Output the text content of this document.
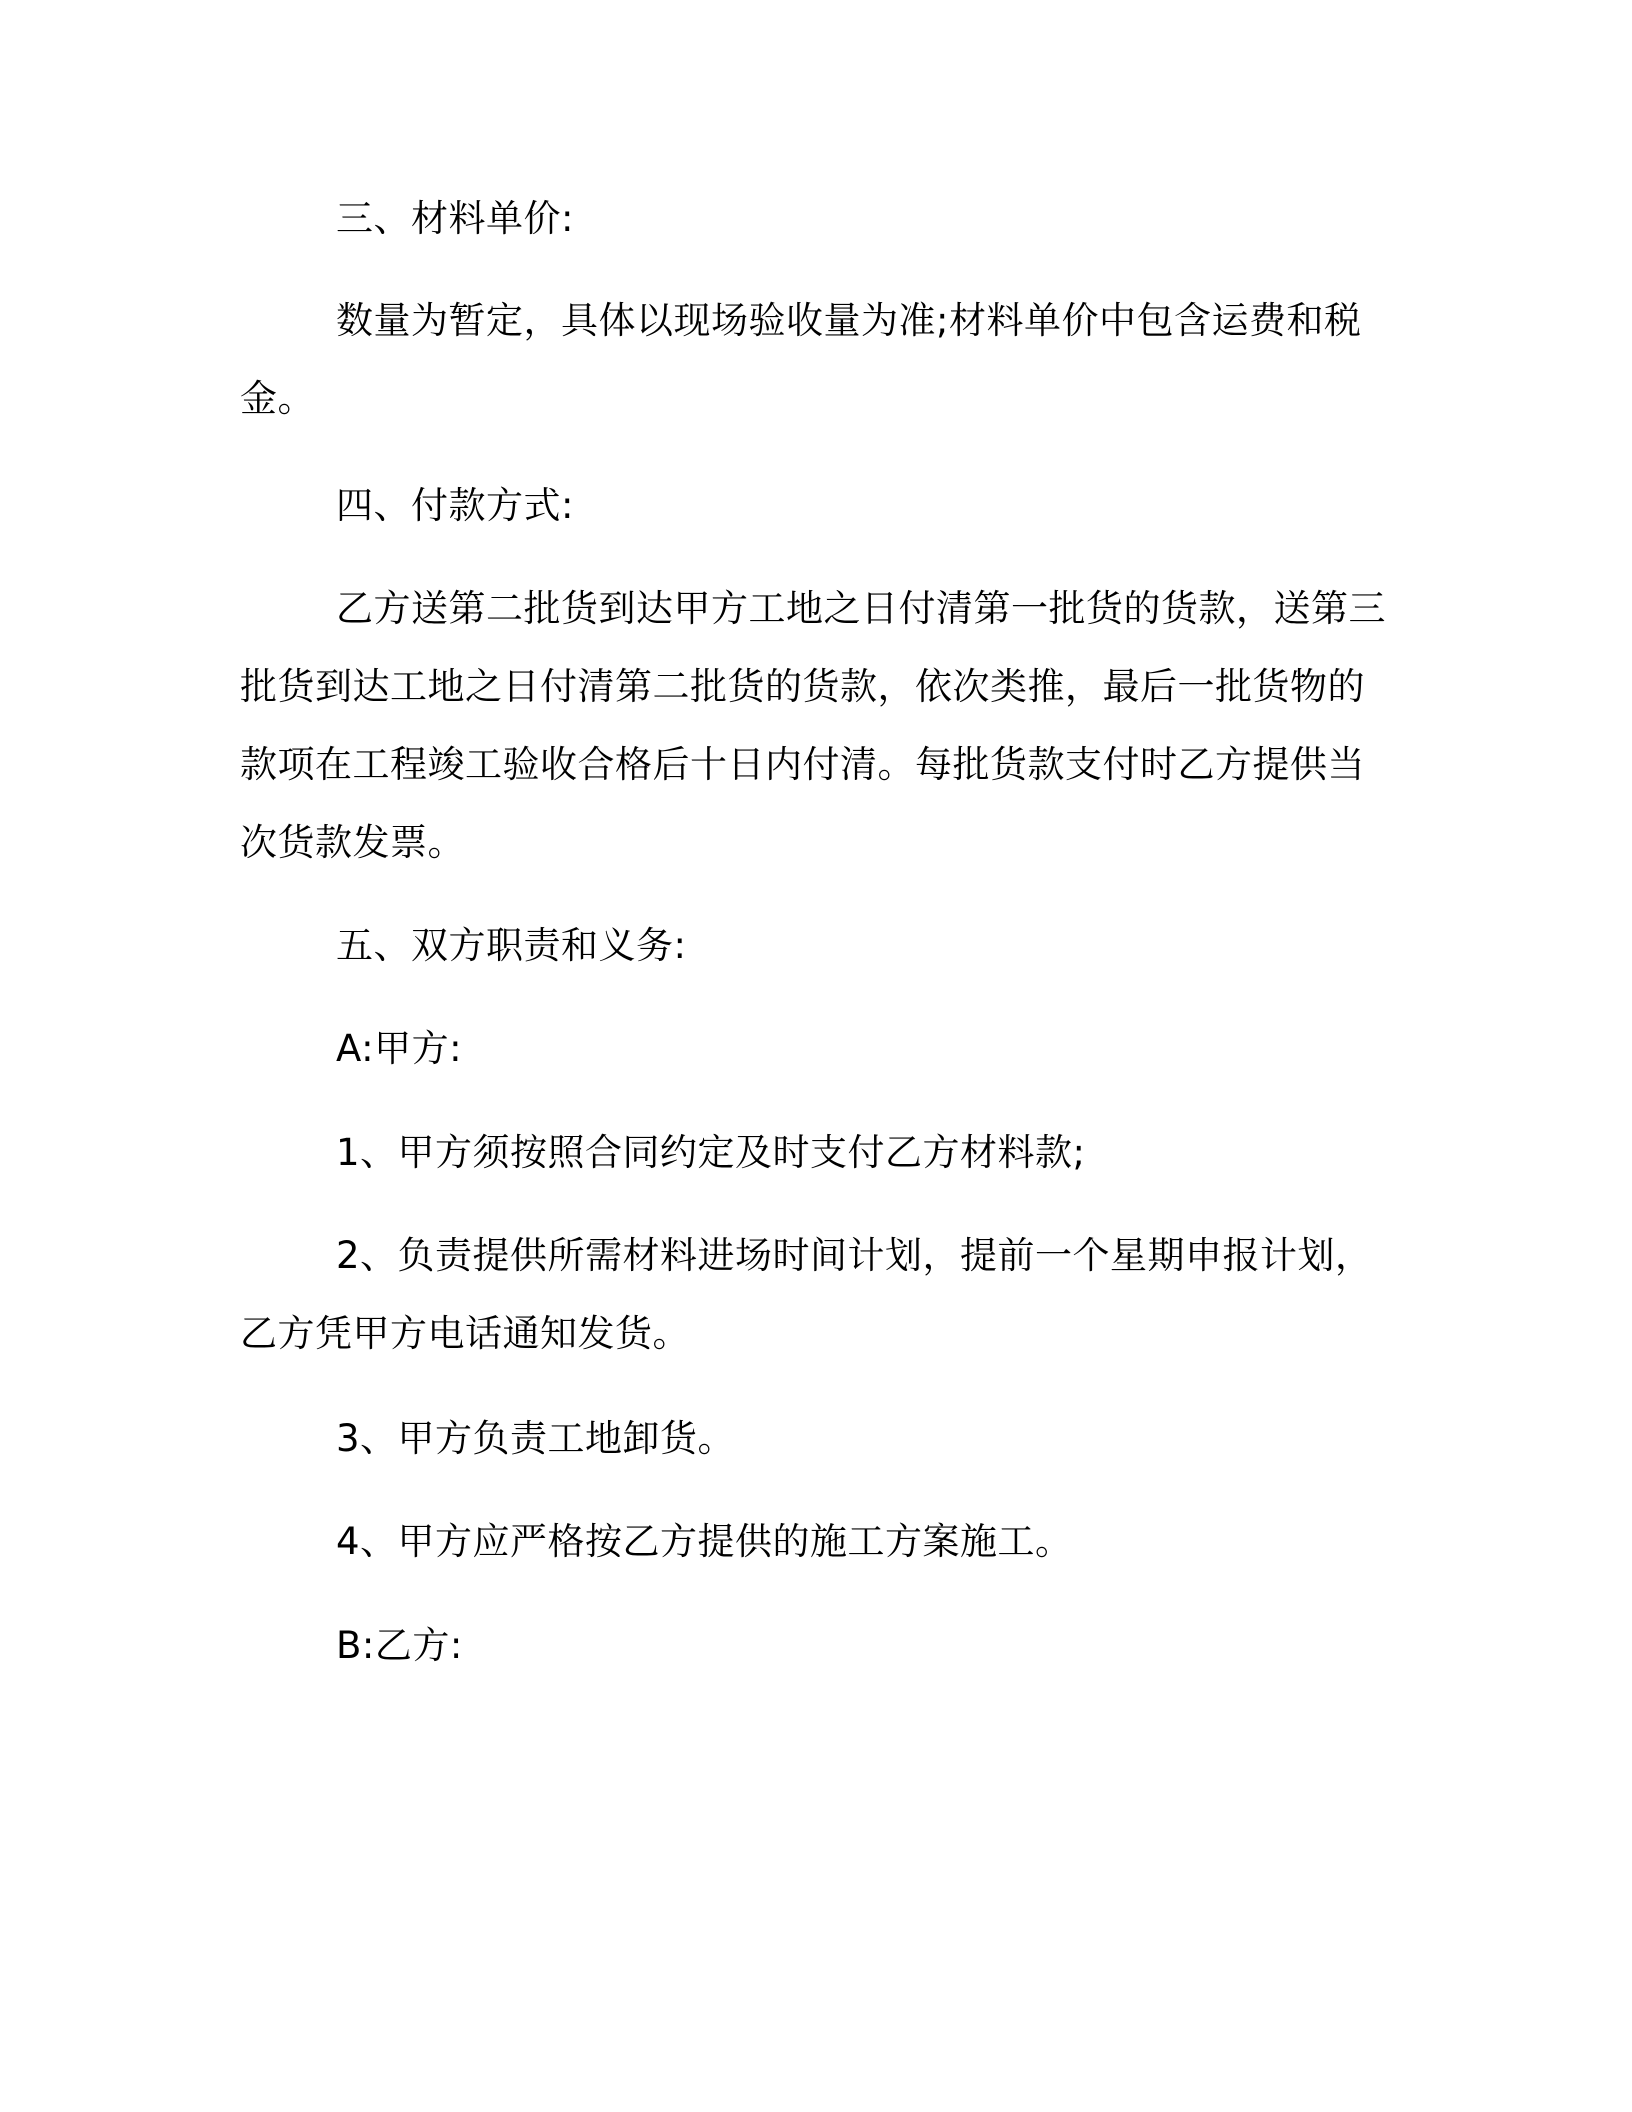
三、材料单价:

数量为暂定，具体以现场验收量为准;材料单价中包含运费和税金。

四、付款方式:

乙方送第二批货到达甲方工地之日付清第一批货的货款，送第三批货到达工地之日付清第二批货的货款，依次类推，最后一批货物的款项在工程竣工验收合格后十日内付清。每批货款支付时乙方提供当次货款发票。

五、双方职责和义务:

A:甲方:

1、甲方须按照合同约定及时支付乙方材料款;

2、负责提供所需材料进场时间计划，提前一个星期申报计划，乙方凭甲方电话通知发货。

3、甲方负责工地卸货。

4、甲方应严格按乙方提供的施工方案施工。

B:乙方:
